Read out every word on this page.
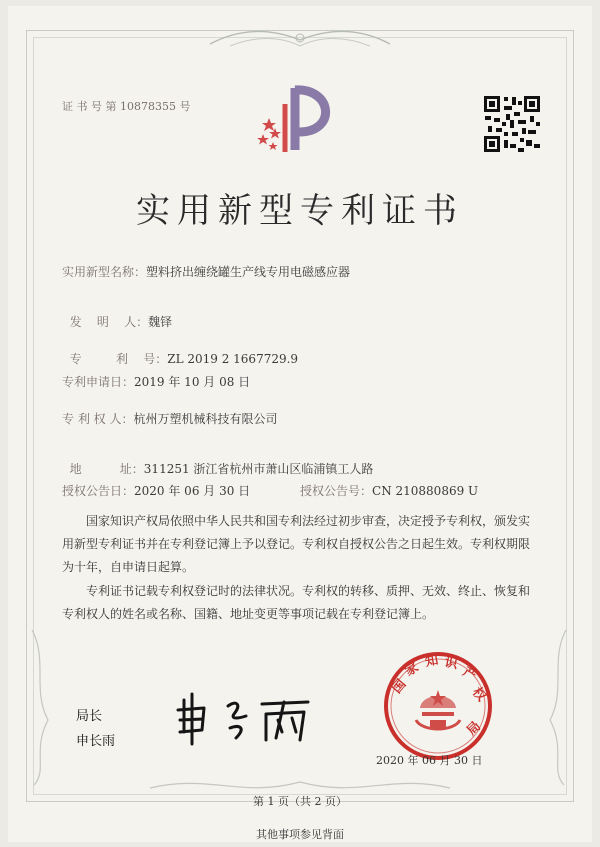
证 书 号 第 10878355 号
实用新型专利证书
实用新型名称：塑料挤出缠绕罐生产线专用电磁感应器

发    明    人：魏铎

专         利    号：ZL 2019 2 1667729.9

专利申请日：2019 年 10 月 08 日
专 利 权 人：杭州万塑机械科技有限公司

地          址：311251 浙江省杭州市萧山区临浦镇工人路

授权公告日：2020 年 06 月 30 日	授权公告号：CN 210880869 U
国家知识产权局依照中华人民共和国专利法经过初步审查，决定授予专利权，颁发实用新型专利证书并在专利登记簿上予以登记。专利权自授权公告之日起生效。专利权期限为十年，自申请日起算。
专利证书记载专利权登记时的法律状况。专利权的转移、质押、无效、终止、恢复和专利权人的姓名或名称、国籍、地址变更等事项记载在专利登记簿上。
局长
申长雨
国
家 知 识
产
权
局
2020 年 06 月 30 日
第 1 页（共 2 页）
其他事项参见背面
